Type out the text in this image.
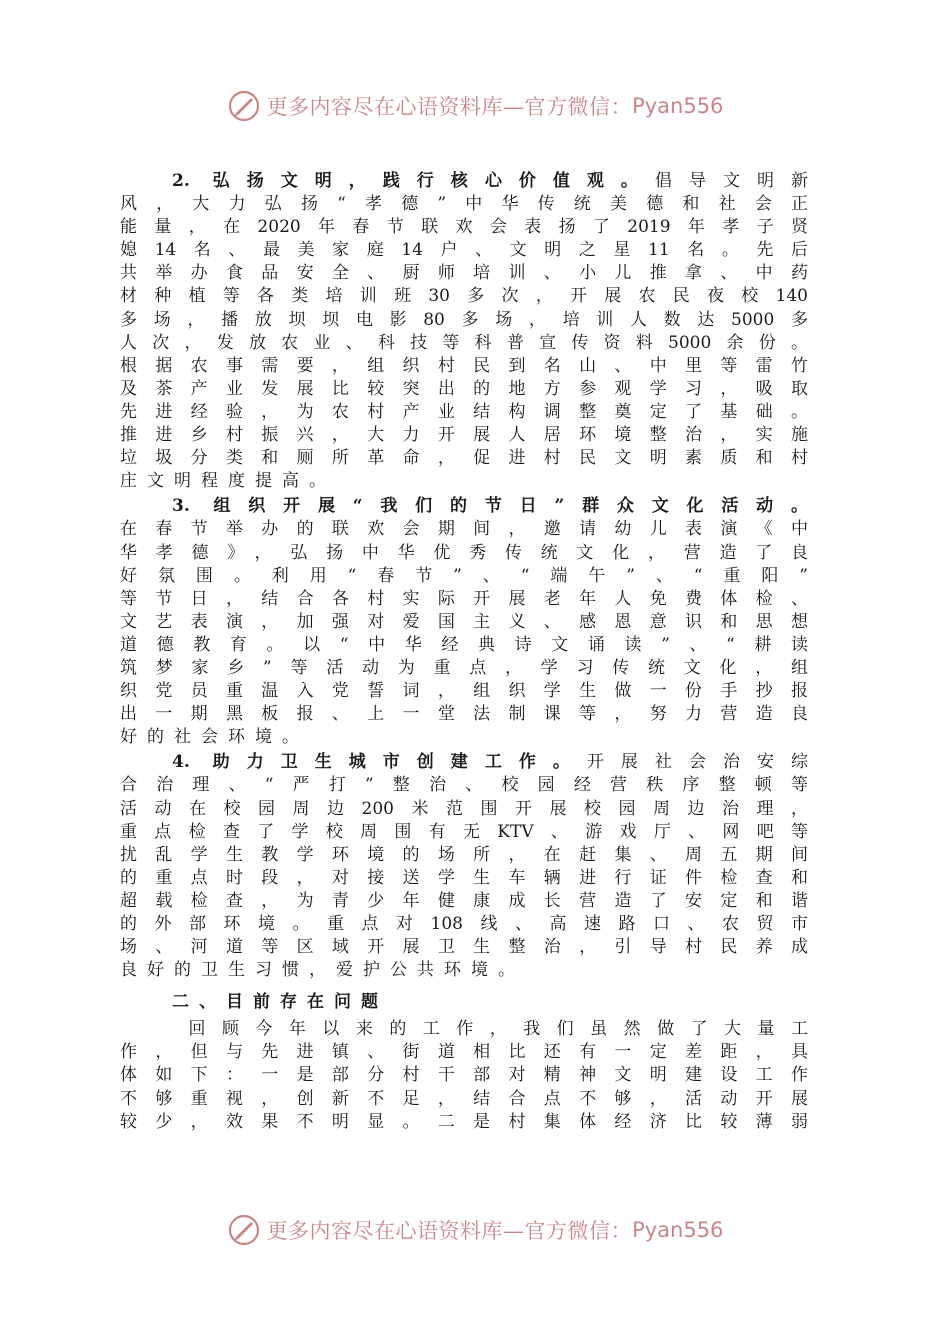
更多内容尽在心语资料库—官方微信： Pyan556
2. 弘扬文明，践行核心价值观。倡导文明新
风，大力弘扬“孝德”中华传统美德和社会正
能量，在2020年春节联欢会表扬了2019年孝子贤
媳14名、最美家庭14户、文明之星11名。先后
共举办食品安全、厨师培训、小儿推拿、中药
材种植等各类培训班30多次，开展农民夜校140
多场，播放坝坝电影80多场，培训人数达5000多
人次，发放农业、科技等科普宣传资料5000余份。
根据农事需要，组织村民到名山、中里等雷竹
及茶产业发展比较突出的地方参观学习，吸取
先进经验，为农村产业结构调整奠定了基础。
推进乡村振兴，大力开展人居环境整治，实施
垃圾分类和厕所革命，促进村民文明素质和村
庄文明程度提高。
3. 组织开展“我们的节日”群众文化活动。
在春节举办的联欢会期间，邀请幼儿表演《中
华孝德》，弘扬中华优秀传统文化，营造了良
好氛围。利用“春节”、“端午”、“重阳”
等节日，结合各村实际开展老年人免费体检、
文艺表演，加强对爱国主义、感恩意识和思想
道德教育。以“中华经典诗文诵读”、“耕读
筑梦家乡”等活动为重点，学习传统文化，组
织党员重温入党誓词，组织学生做一份手抄报
出一期黑板报、上一堂法制课等，努力营造良
好的社会环境。
4. 助力卫生城市创建工作。开展社会治安综
合治理、“严打”整治、校园经营秩序整顿等
活动在校园周边200米范围开展校园周边治理，
重点检查了学校周围有无KTV、游戏厅、网吧等
扰乱学生教学环境的场所，在赶集、周五期间
的重点时段，对接送学生车辆进行证件检查和
超载检查，为青少年健康成长营造了安定和谐
的外部环境。重点对108线、高速路口、农贸市
场、河道等区域开展卫生整治，引导村民养成
良好的卫生习惯，爱护公共环境。
二、目前存在问题
回顾今年以来的工作，我们虽然做了大量工
作，但与先进镇、街道相比还有一定差距，具
体如下：一是部分村干部对精神文明建设工作
不够重视，创新不足，结合点不够，活动开展
较少，效果不明显。二是村集体经济比较薄弱
更多内容尽在心语资料库—官方微信： Pyan556
